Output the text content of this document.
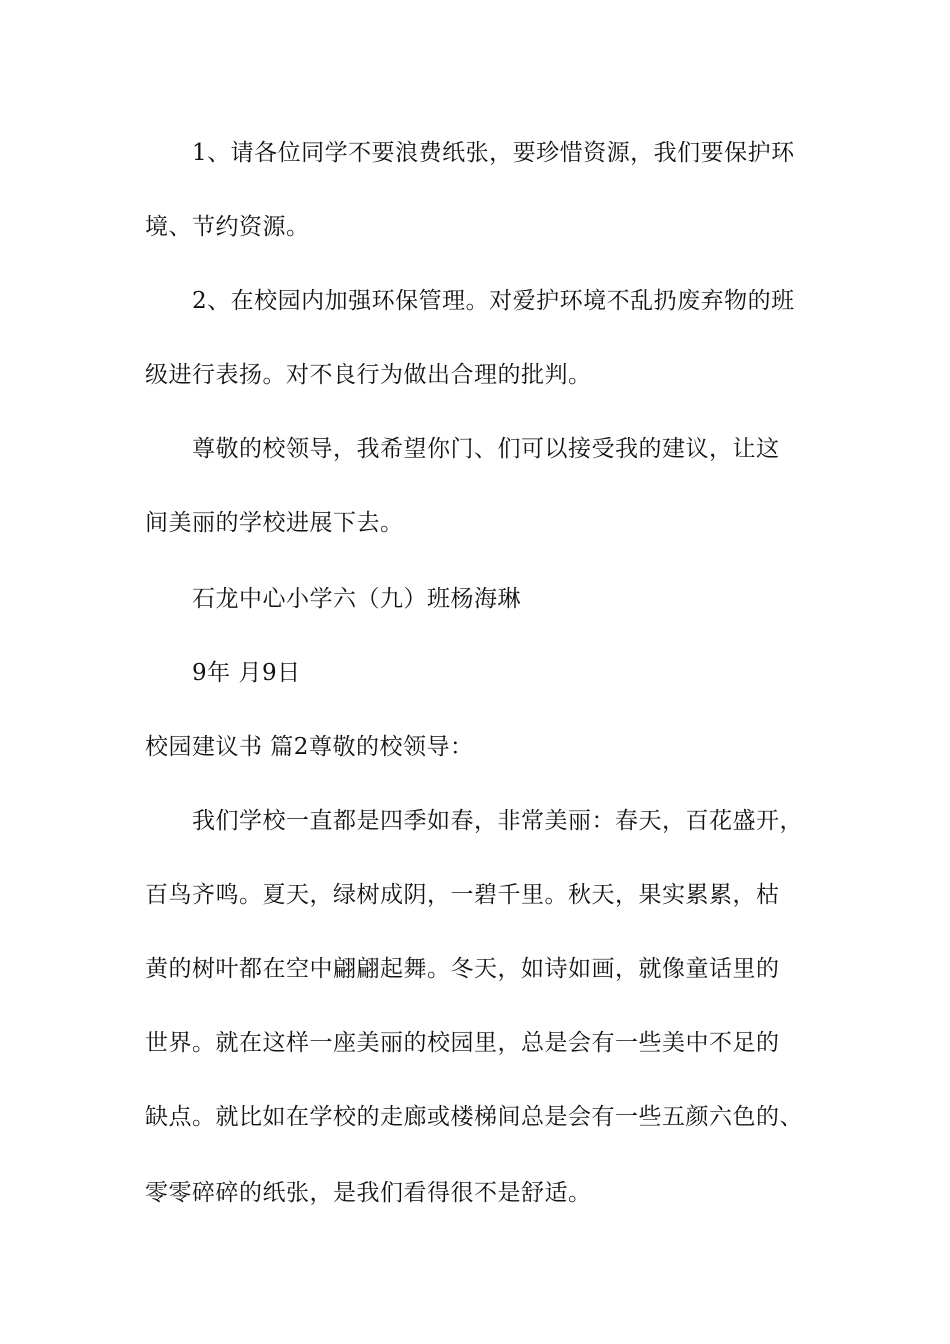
1、请各位同学不要浪费纸张，要珍惜资源，我们要保护环
境、节约资源。
2、在校园内加强环保管理。对爱护环境不乱扔废弃物的班
级进行表扬。对不良行为做出合理的批判。
尊敬的校领导，我希望你门、们可以接受我的建议，让这
间美丽的学校进展下去。
石龙中心小学六（九）班杨海琳
9年 月9日
校园建议书 篇2尊敬的校领导：
我们学校一直都是四季如春，非常美丽：春天，百花盛开，
百鸟齐鸣。夏天，绿树成阴，一碧千里。秋天，果实累累，枯
黄的树叶都在空中翩翩起舞。冬天，如诗如画，就像童话里的
世界。就在这样一座美丽的校园里，总是会有一些美中不足的
缺点。就比如在学校的走廊或楼梯间总是会有一些五颜六色的、
零零碎碎的纸张，是我们看得很不是舒适。
